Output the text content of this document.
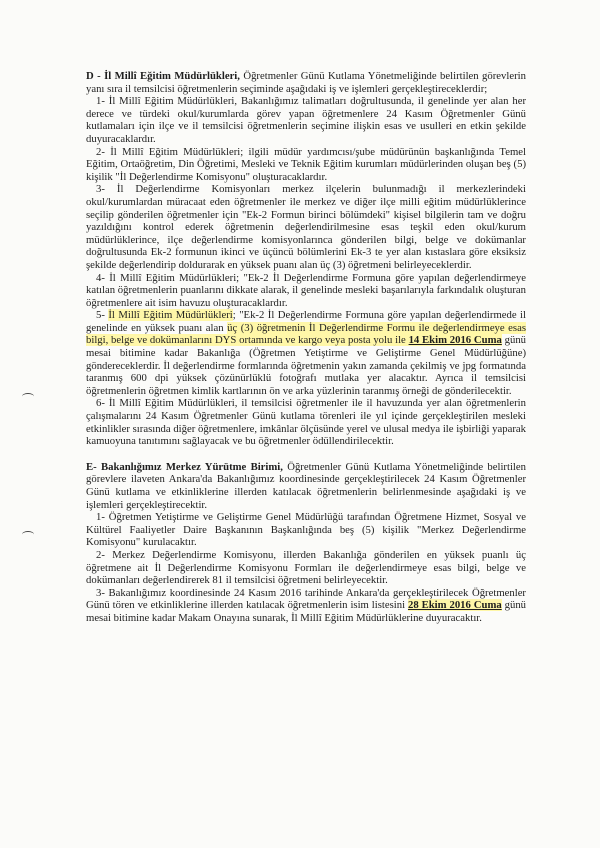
D - İl Millî Eğitim Müdürlükleri, Öğretmenler Günü Kutlama Yönetmeliğinde belirtilen görevlerin yanı sıra il temsilcisi öğretmenlerin seçiminde aşağıdaki iş ve işlemleri gerçekleştireceklerdir;

1- İl Millî Eğitim Müdürlükleri, Bakanlığımız talimatları doğrultusunda, il genelinde yer alan her derece ve türdeki okul/kurumlarda görev yapan öğretmenlere 24 Kasım Öğretmenler Günü kutlamaları için ilçe ve il temsilcisi öğretmenlerin seçimine ilişkin esas ve usulleri en etkin şekilde duyuracaklardır.

2- İl Millî Eğitim Müdürlükleri; ilgili müdür yardımcısı/şube müdürünün başkanlığında Temel Eğitim, Ortaöğretim, Din Öğretimi, Mesleki ve Teknik Eğitim kurumları müdürlerinden oluşan beş (5) kişilik "İl Değerlendirme Komisyonu" oluşturacaklardır.

3- İl Değerlendirme Komisyonları merkez ilçelerin bulunmadığı il merkezlerindeki okul/kurumlardan müracaat eden öğretmenler ile merkez ve diğer ilçe milli eğitim müdürlüklerince seçilip gönderilen öğretmenler için "Ek-2 Formun birinci bölümdeki" kişisel bilgilerin tam ve doğru yazıldığını kontrol ederek öğretmenin değerlendirilmesine esas teşkil eden okul/kurum müdürlüklerince, ilçe değerlendirme komisyonlarınca gönderilen bilgi, belge ve dokümanlar doğrultusunda Ek-2 formunun ikinci ve üçüncü bölümlerini Ek-3 te yer alan kıstaslara göre eksiksiz şekilde değerlendirip doldurarak en yüksek puanı alan üç (3) öğretmeni belirleyeceklerdir.

4- İl Millî Eğitim Müdürlükleri; "Ek-2 İl Değerlendirme Formuna göre yapılan değerlendirmeye katılan öğretmenlerin puanlarını dikkate alarak, il genelinde mesleki başarılarıyla farkındalık oluşturan öğretmenlere ait isim havuzu oluşturacaklardır.

5- İl Millî Eğitim Müdürlükleri; "Ek-2 İl Değerlendirme Formuna göre yapılan değerlendirmede il genelinde en yüksek puanı alan üç (3) öğretmenin İl Değerlendirme Formu ile değerlendirmeye esas bilgi, belge ve dokümanlarını DYS ortamında ve kargo veya posta yolu ile 14 Ekim 2016 Cuma günü mesai bitimine kadar Bakanlığa (Öğretmen Yetiştirme ve Geliştirme Genel Müdürlüğüne) göndereceklerdir. İl değerlendirme formlarında öğretmenin yakın zamanda çekilmiş ve jpg formatında taranmış 600 dpi yüksek çözünürlüklü fotoğrafı mutlaka yer alacaktır. Ayrıca il temsilcisi öğretmenlerin öğretmen kimlik kartlarının ön ve arka yüzlerinin taranmış örneği de gönderilecektir.

6- İl Millî Eğitim Müdürlükleri, il temsilcisi öğretmenler ile il havuzunda yer alan öğretmenlerin çalışmalarını 24 Kasım Öğretmenler Günü kutlama törenleri ile yıl içinde gerçekleştirilen mesleki etkinlikler sırasında diğer öğretmenlere, imkânlar ölçüsünde yerel ve ulusal medya ile işbirliği yaparak kamuoyuna tanıtımını sağlayacak ve bu öğretmenler ödüllendirilecektir.

E- Bakanlığımız Merkez Yürütme Birimi, Öğretmenler Günü Kutlama Yönetmeliğinde belirtilen görevlere ilaveten Ankara'da Bakanlığımız koordinesinde gerçekleştirilecek 24 Kasım Öğretmenler Günü kutlama ve etkinliklerine illerden katılacak öğretmenlerin belirlenmesinde aşağıdaki iş ve işlemleri gerçekleştirecektir.

1- Öğretmen Yetiştirme ve Geliştirme Genel Müdürlüğü tarafından Öğretmene Hizmet, Sosyal ve Kültürel Faaliyetler Daire Başkanının Başkanlığında beş (5) kişilik "Merkez Değerlendirme Komisyonu" kurulacaktır.

2- Merkez Değerlendirme Komisyonu, illerden Bakanlığa gönderilen en yüksek puanlı üç öğretmene ait İl Değerlendirme Komisyonu Formları ile değerlendirmeye esas bilgi, belge ve dokümanları değerlendirerek 81 il temsilcisi öğretmeni belirleyecektir.

3- Bakanlığımız koordinesinde 24 Kasım 2016 tarihinde Ankara'da gerçekleştirilecek Öğretmenler Günü tören ve etkinliklerine illerden katılacak öğretmenlerin isim listesini 28 Ekim 2016 Cuma günü mesai bitimine kadar Makam Onayına sunarak, İl Millî Eğitim Müdürlüklerine duyuracaktır.
